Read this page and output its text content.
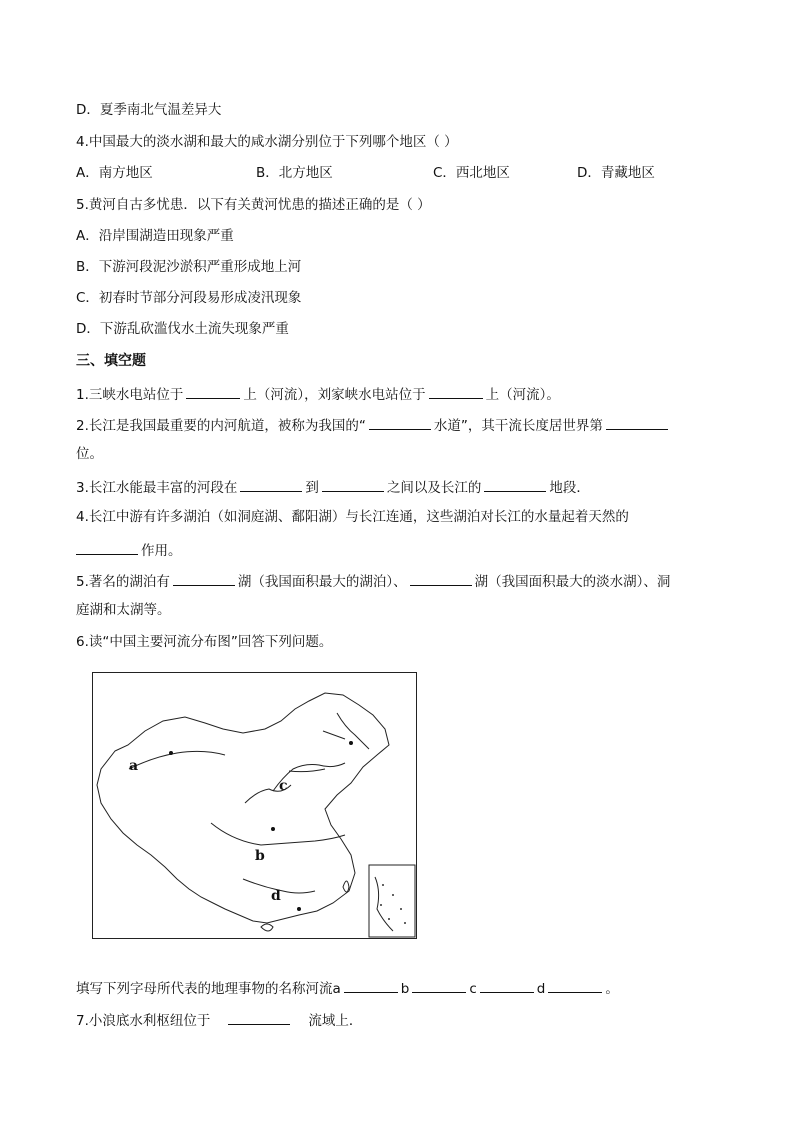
D．夏季南北气温差异大
4.中国最大的淡水湖和最大的咸水湖分别位于下列哪个地区（ ）
A．南方地区	B．北方地区	C．西北地区	D．青藏地区
5.黄河自古多忧患．以下有关黄河忧患的描述正确的是（ ）
A．沿岸围湖造田现象严重
B．下游河段泥沙淤积严重形成地上河
C．初春时节部分河段易形成凌汛现象
D．下游乱砍滥伐水土流失现象严重
三、填空题
1.三峡水电站位于	上（河流），刘家峡水电站位于	上（河流）。
2.长江是我国最重要的内河航道，被称为我国的“	水道”，其干流长度居世界第
位。
3.长江水能最丰富的河段在	到	之间以及长江的	地段．
4.长江中游有许多湖泊（如洞庭湖、鄱阳湖）与长江连通，这些湖泊对长江的水量起着天然的
作用。
5.著名的湖泊有	湖（我国面积最大的湖泊）、	湖（我国面积最大的淡水湖）、洞
庭湖和太湖等。
6.读“中国主要河流分布图”回答下列问题。
a
c
b
d
填写下列字母所代表的地理事物的名称河流a	b	c	d	。
7.小浪底水利枢纽位于	流域上．
